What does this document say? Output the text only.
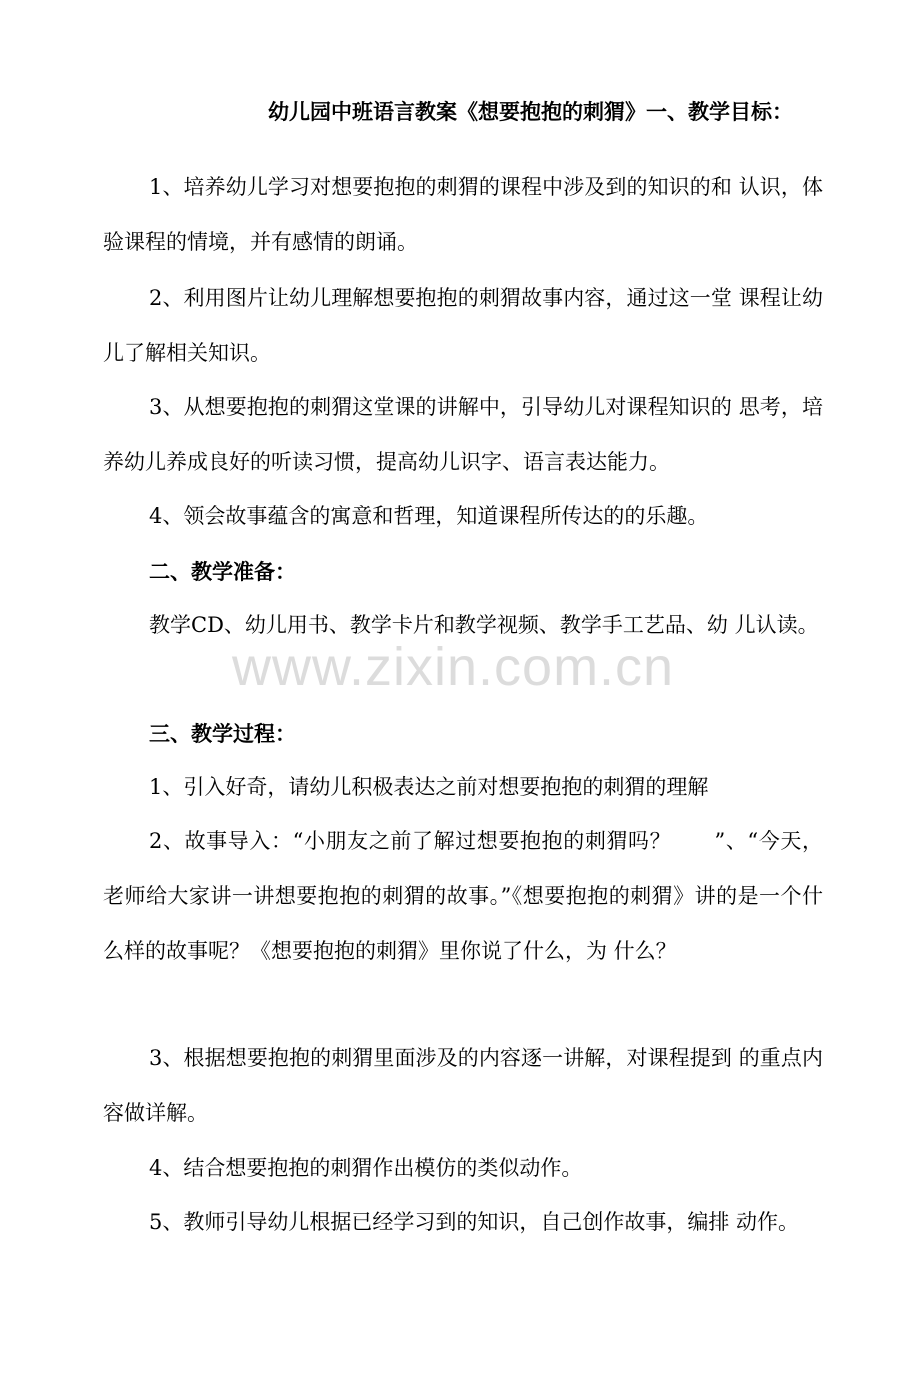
幼儿园中班语言教案《想要抱抱的刺猬》一、教学目标：
1、培养幼儿学习对想要抱抱的刺猬的课程中涉及到的知识的和 认识，体验课程的情境，并有感情的朗诵。
2、利用图片让幼儿理解想要抱抱的刺猬故事内容，通过这一堂 课程让幼儿了解相关知识。
3、从想要抱抱的刺猬这堂课的讲解中，引导幼儿对课程知识的 思考，培养幼儿养成良好的听读习惯，提高幼儿识字、语言表达能力。
4、领会故事蕴含的寓意和哲理，知道课程所传达的的乐趣。
二、教学准备：
教学CD、幼儿用书、教学卡片和教学视频、教学手工艺品、幼 儿认读。
三、教学过程：
1、引入好奇，请幼儿积极表达之前对想要抱抱的刺猬的理解
2、故事导入：“小朋友之前了解过想要抱抱的刺猬吗？　　”、“今天，老师给大家讲一讲想要抱抱的刺猬的故事。”《想要抱抱的刺猬》讲的是一个什么样的故事呢？《想要抱抱的刺猬》里你说了什么，为 什么？
3、根据想要抱抱的刺猬里面涉及的内容逐一讲解，对课程提到 的重点内容做详解。
4、结合想要抱抱的刺猬作出模仿的类似动作。
5、教师引导幼儿根据已经学习到的知识，自己创作故事，编排 动作。
www.zixin.com.cn
